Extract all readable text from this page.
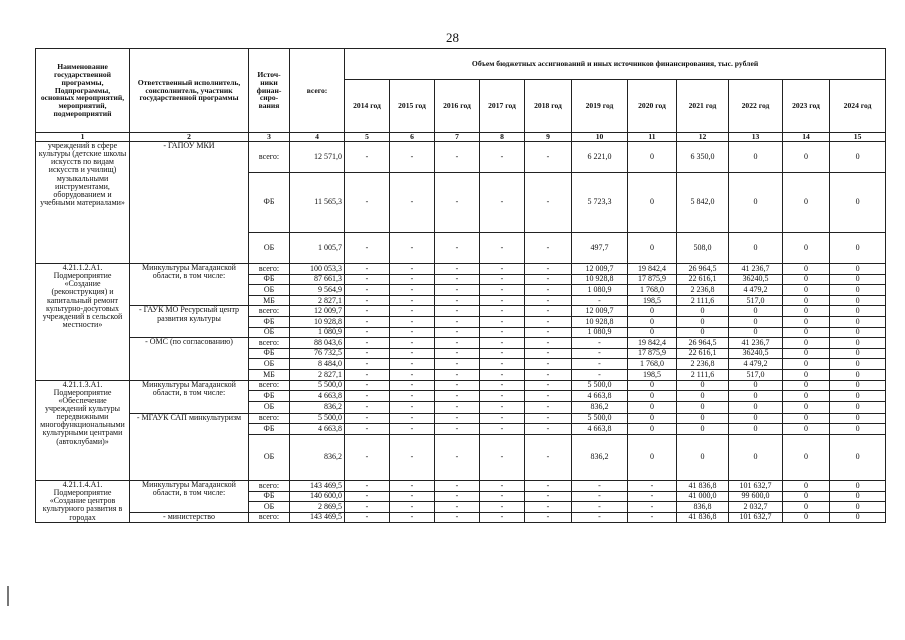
28
Наименование государственной программы, Подпрограммы, основных мероприятий, мероприятий, подмероприятий	Ответственный исполнитель, соисполнитель, участник государственной программы	Источ-ники финан-сиро-вания	всего:	Объем бюджетных ассигнований и иных источников финансирования, тыс. рублей										
				2014 год	2015 год	2016 год	2017 год	2018 год	2019 год	2020 год	2021 год	2022 год	2023 год	2024 год
1	2	3	4	5	6	7	8	9	10	11	12	13	14	15
учреждений в сфере культуры (детские школы искусств по видам искусств и училищ) музыкальными инструментами, оборудованием и учебными материалами»	- ГАПОУ МКИ	всего:	12 571,0	-	-	-	-	-	6 221,0	0	6 350,0	0	0	0
		ФБ	11 565,3	-	-	-	-	-	5 723,3	0	5 842,0	0	0	0
		ОБ	1 005,7	-	-	-	-	-	497,7	0	508,0	0	0	0
4.21.1.2.А1. Подмероприятие «Создание (реконструкция) и капитальный ремонт культурно-досуговых учреждений в сельской местности»	Минкультуры Магаданской области, в том числе:	всего:	100 053,3	-	-	-	-	-	12 009,7	19 842,4	26 964,5	41 236,7	0	0
		ФБ	87 661,3	-	-	-	-	-	10 928,8	17 875,9	22 616,1	36240,5	0	0
		ОБ	9 564,9	-	-	-	-	-	1 080,9	1 768,0	2 236,8	4 479,2	0	0
		МБ	2 827,1	-	-	-	-	-	-	198,5	2 111,6	517,0	0	0
	- ГАУК МО Ресурсный центр развития культуры	всего:	12 009,7	-	-	-	-	-	12 009,7	0	0	0	0	0
		ФБ	10 928,8	-	-	-	-	-	10 928,8	0	0	0	0	0
		ОБ	1 080,9	-	-	-	-	-	1 080,9	0	0	0	0	0
	- ОМС (по согласованию)	всего:	88 043,6	-	-	-	-	-	-	19 842,4	26 964,5	41 236,7	0	0
		ФБ	76 732,5	-	-	-	-	-	-	17 875,9	22 616,1	36240,5	0	0
		ОБ	8 484,0	-	-	-	-	-	-	1 768,0	2 236,8	4 479,2	0	0
		МБ	2 827,1	-	-	-	-	-	-	198,5	2 111,6	517,0	0	0
4.21.1.3.А1. Подмероприятие «Обеспечение учреждений культуры передвижными многофункциональными культурными центрами (автоклубами)»	Минкультуры Магаданской области, в том числе:	всего:	5 500,0	-	-	-	-	-	5 500,0	0	0	0	0	0
		ФБ	4 663,8	-	-	-	-	-	4 663,8	0	0	0	0	0
		ОБ	836,2	-	-	-	-	-	836,2	0	0	0	0	0
	- МГАУК САП минкультуризм	всего:	5 500,0	-	-	-	-	-	5 500,0	0	0	0	0	0
		ФБ	4 663,8	-	-	-	-	-	4 663,8	0	0	0	0	0
		ОБ	836,2	-	-	-	-	-	836,2	0	0	0	0	0
4.21.1.4.А1. Подмероприятие «Создание центров культурного развития в городах	Минкультуры Магаданской области, в том числе:	всего:	143 469,5	-	-	-	-	-	-	-	41 836,8	101 632,7	0	0
		ФБ	140 600,0	-	-	-	-	-	-	-	41 000,0	99 600,0	0	0
		ОБ	2 869,5	-	-	-	-	-	-	-	836,8	2 032,7	0	0
	- министерство	всего:	143 469,5	-	-	-	-	-	-	-	41 836,8	101 632,7	0	0
